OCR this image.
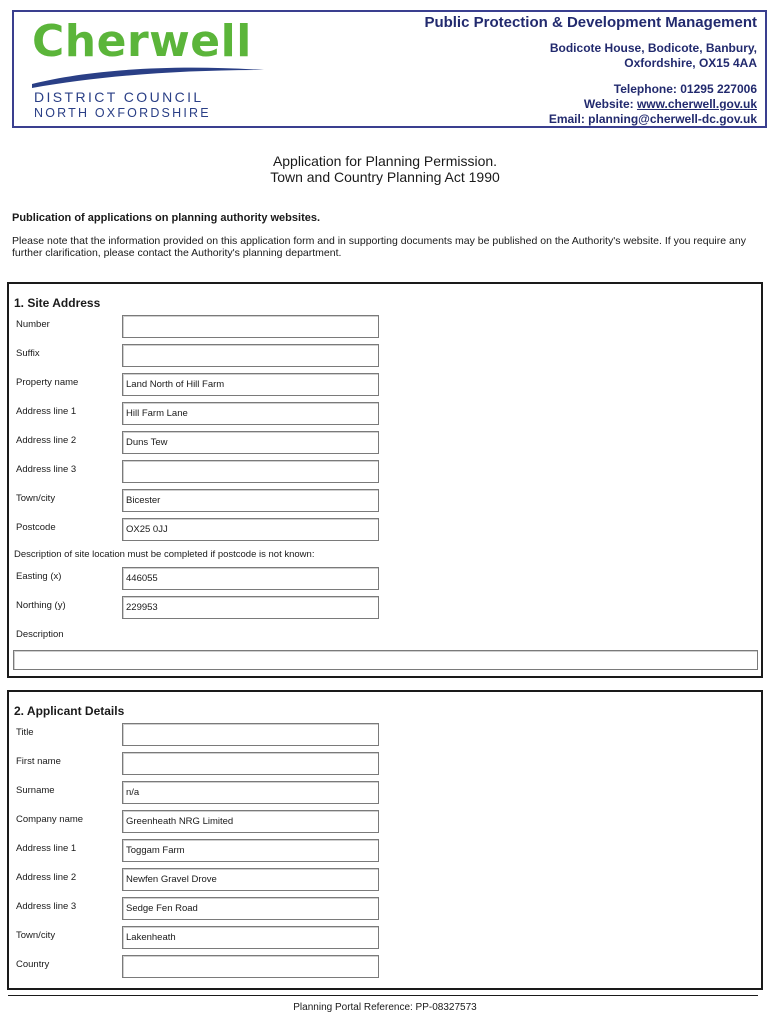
Cherwell
DISTRICT COUNCIL
NORTH OXFORDSHIRE
Public Protection & Development Management
Bodicote House, Bodicote, Banbury,
Oxfordshire, OX15 4AA
Telephone: 01295 227006
Website: www.cherwell.gov.uk
Email: planning@cherwell-dc.gov.uk
Application for Planning Permission.
Town and Country Planning Act 1990
Publication of applications on planning authority websites.
Please note that the information provided on this application form and in supporting documents may be published on the Authority's website. If you require any further clarification, please contact the Authority's planning department.
1. Site Address
Number
Suffix
Property name	Land North of Hill Farm
Address line 1	Hill Farm Lane
Address line 2	Duns Tew
Address line 3
Town/city	Bicester
Postcode	OX25 0JJ
Description of site location must be completed if postcode is not known:
Easting (x)	446055
Northing (y)	229953
Description
2. Applicant Details
Title
First name
Surname	n/a
Company name	Greenheath NRG Limited
Address line 1	Toggam Farm
Address line 2	Newfen Gravel Drove
Address line 3	Sedge Fen Road
Town/city	Lakenheath
Country
Planning Portal Reference: PP-08327573
